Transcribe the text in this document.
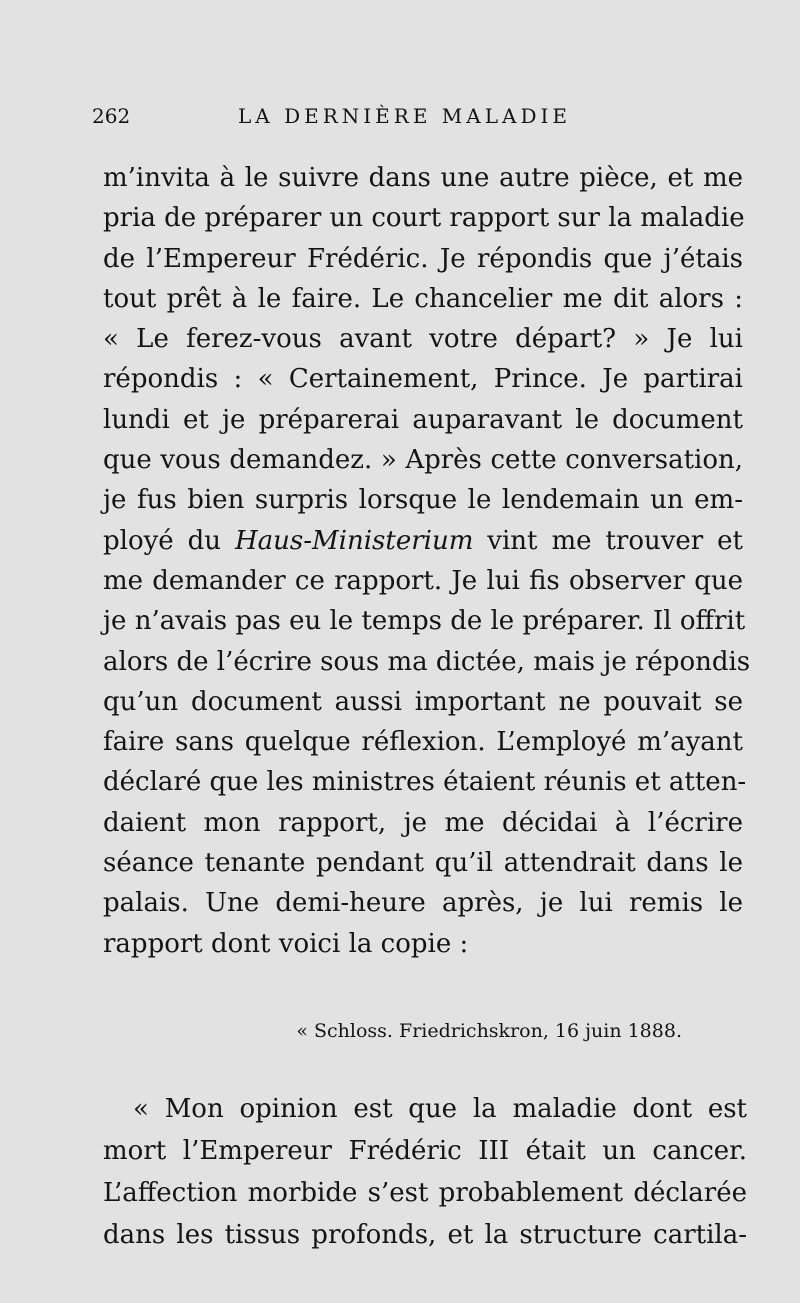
262	LA DERNIÈRE MALADIE
m’invita à le suivre dans une autre pièce, et me
pria de préparer un court rapport sur la maladie
de l’Empereur Frédéric. Je répondis que j’étais
tout prêt à le faire. Le chancelier me dit alors :
« Le ferez-vous avant votre départ? » Je lui
répondis : « Certainement, Prince. Je partirai
lundi et je préparerai auparavant le document
que vous demandez. » Après cette conversation,
je fus bien surpris lorsque le lendemain un em-
ployé du Haus-Ministerium vint me trouver et
me demander ce rapport. Je lui fis observer que
je n’avais pas eu le temps de le préparer. Il offrit
alors de l’écrire sous ma dictée, mais je répondis
qu’un document aussi important ne pouvait se
faire sans quelque réflexion. L’employé m’ayant
déclaré que les ministres étaient réunis et atten-
daient mon rapport, je me décidai à l’écrire
séance tenante pendant qu’il attendrait dans le
palais. Une demi-heure après, je lui remis le
rapport dont voici la copie :
« Schloss. Friedrichskron, 16 juin 1888.
« Mon opinion est que la maladie dont est
mort l’Empereur Frédéric III était un cancer.
L’affection morbide s’est probablement déclarée
dans les tissus profonds, et la structure cartila-
